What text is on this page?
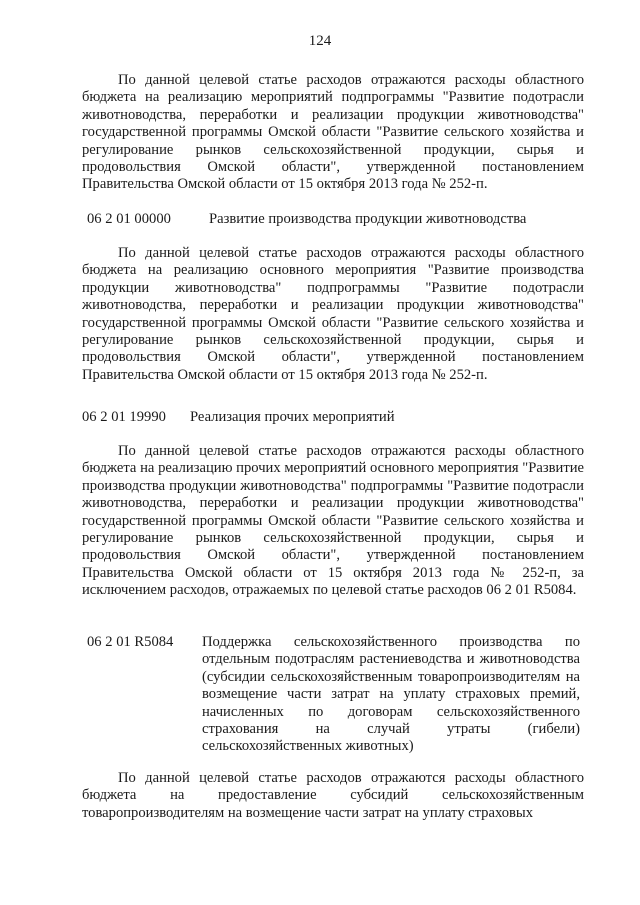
124

По данной целевой статье расходов отражаются расходы областного бюджета на реализацию мероприятий подпрограммы "Развитие подотрасли животноводства, переработки и реализации продукции животноводства" государственной программы Омской области "Развитие сельского хозяйства и регулирование рынков сельскохозяйственной продукции, сырья и продовольствия Омской области", утвержденной постановлением Правительства Омской области от 15 октября 2013 года № 252-п.

06 2 01 00000	Развитие производства продукции животноводства

По данной целевой статье расходов отражаются расходы областного бюджета на реализацию основного мероприятия "Развитие производства продукции животноводства" подпрограммы "Развитие подотрасли животноводства, переработки и реализации продукции животноводства" государственной программы Омской области "Развитие сельского хозяйства и регулирование рынков сельскохозяйственной продукции, сырья и продовольствия Омской области", утвержденной постановлением Правительства Омской области от 15 октября 2013 года № 252-п.

06 2 01 19990 Реализация прочих мероприятий

По данной целевой статье расходов отражаются расходы областного бюджета на реализацию прочих мероприятий основного мероприятия "Развитие производства продукции животноводства" подпрограммы "Развитие подотрасли животноводства, переработки и реализации продукции животноводства" государственной программы Омской области "Развитие сельского хозяйства и регулирование рынков сельскохозяйственной продукции, сырья и продовольствия Омской области", утвержденной постановлением Правительства Омской области от 15 октября 2013 года № 252-п, за исключением расходов, отражаемых по целевой статье расходов 06 2 01 R5084.

06 2 01 R5084 Поддержка сельскохозяйственного производства по отдельным подотраслям растениеводства и животноводства (субсидии сельскохозяйственным товаропроизводителям на возмещение части затрат на уплату страховых премий, начисленных по договорам сельскохозяйственного страхования на случай утраты (гибели) сельскохозяйственных животных)

По данной целевой статье расходов отражаются расходы областного бюджета на предоставление субсидий сельскохозяйственным товаропроизводителям на возмещение части затрат на уплату страховых
